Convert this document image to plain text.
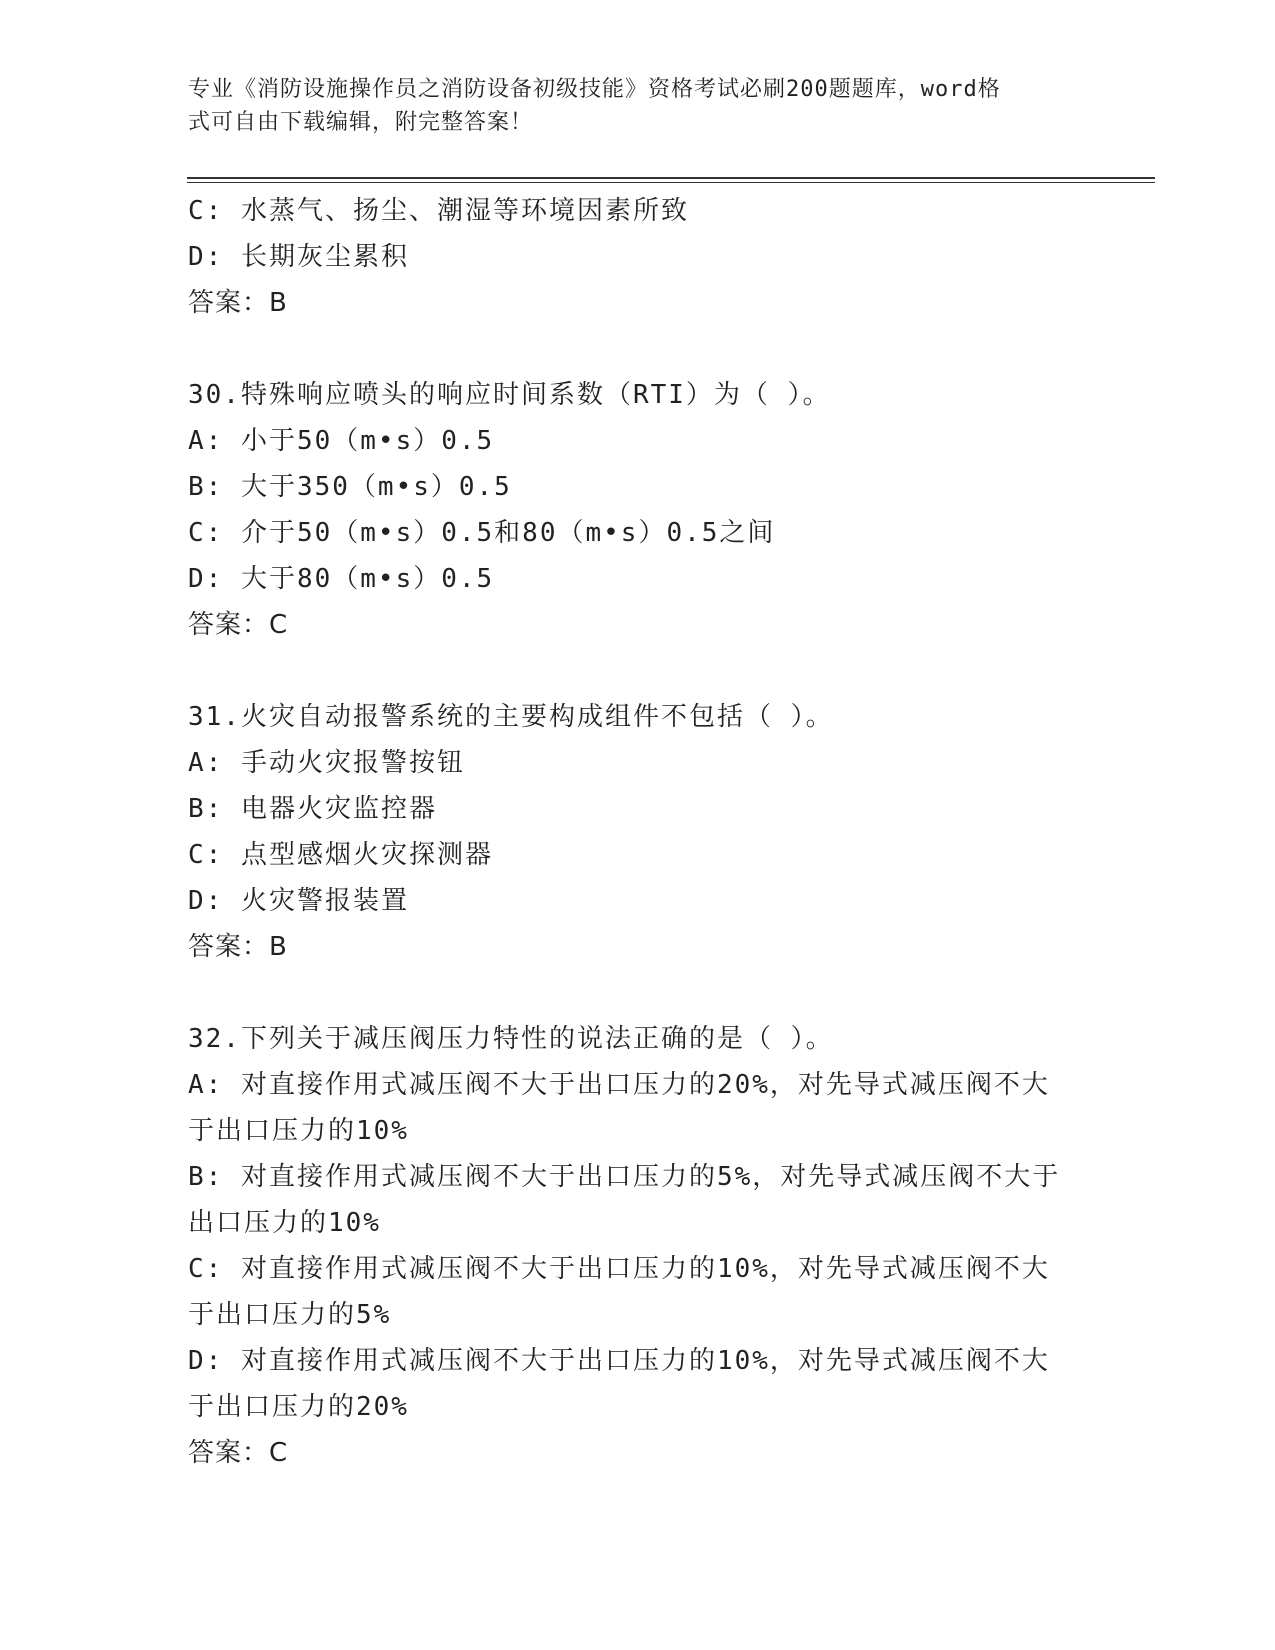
专业《消防设施操作员之消防设备初级技能》资格考试必刷200题题库，word格
式可自由下载编辑，附完整答案！
C: 水蒸气、扬尘、潮湿等环境因素所致
D: 长期灰尘累积
答案：B
30.特殊响应喷头的响应时间系数（RTI）为（ ）。
A: 小于50（m•s）0.5
B: 大于350（m•s）0.5
C: 介于50（m•s）0.5和80（m•s）0.5之间
D: 大于80（m•s）0.5
答案：C
31.火灾自动报警系统的主要构成组件不包括（ ）。
A: 手动火灾报警按钮
B: 电器火灾监控器
C: 点型感烟火灾探测器
D: 火灾警报装置
答案：B
32.下列关于减压阀压力特性的说法正确的是（ ）。
A: 对直接作用式减压阀不大于出口压力的20%，对先导式减压阀不大
于出口压力的10%
B: 对直接作用式减压阀不大于出口压力的5%，对先导式减压阀不大于
出口压力的10%
C: 对直接作用式减压阀不大于出口压力的10%，对先导式减压阀不大
于出口压力的5%
D: 对直接作用式减压阀不大于出口压力的10%，对先导式减压阀不大
于出口压力的20%
答案：C
